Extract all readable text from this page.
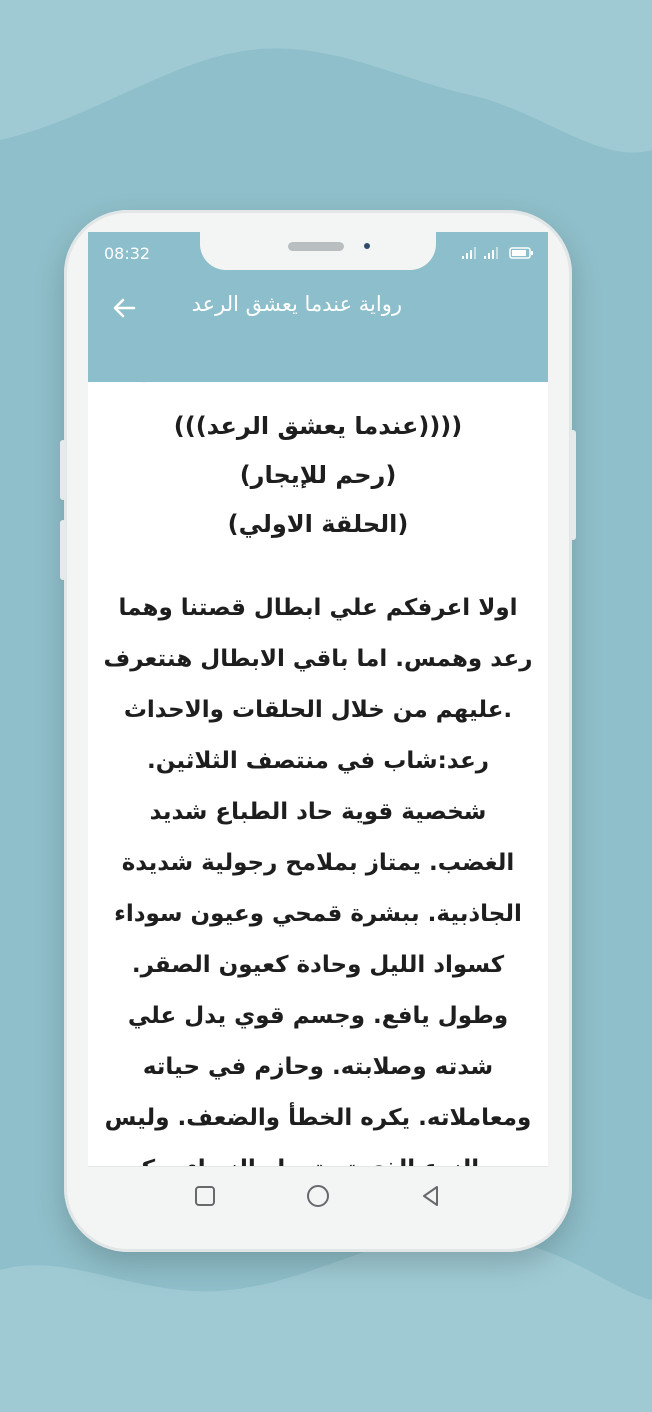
08:32
رواية عندما يعشق الرعد
((((عندما يعشق الرعد)))
(رحم للإيجار)
(الحلقة الاولي)
اولا اعرفكم علي ابطال قصتنا وهما
رعد وهمس. اما باقي الابطال هنتعرف
.عليهم من خلال الحلقات والاحداث
رعد:شاب في منتصف الثلاثين.
شخصية قوية حاد الطباع شديد
الغضب. يمتاز بملامح رجولية شديدة
الجاذبية. ببشرة قمحي وعيون سوداء
كسواد الليل وحادة كعيون الصقر.
وطول يافع. وجسم قوي يدل علي
شدته وصلابته. وحازم في حياته
ومعاملاته. يكره الخطأ والضعف. وليس
